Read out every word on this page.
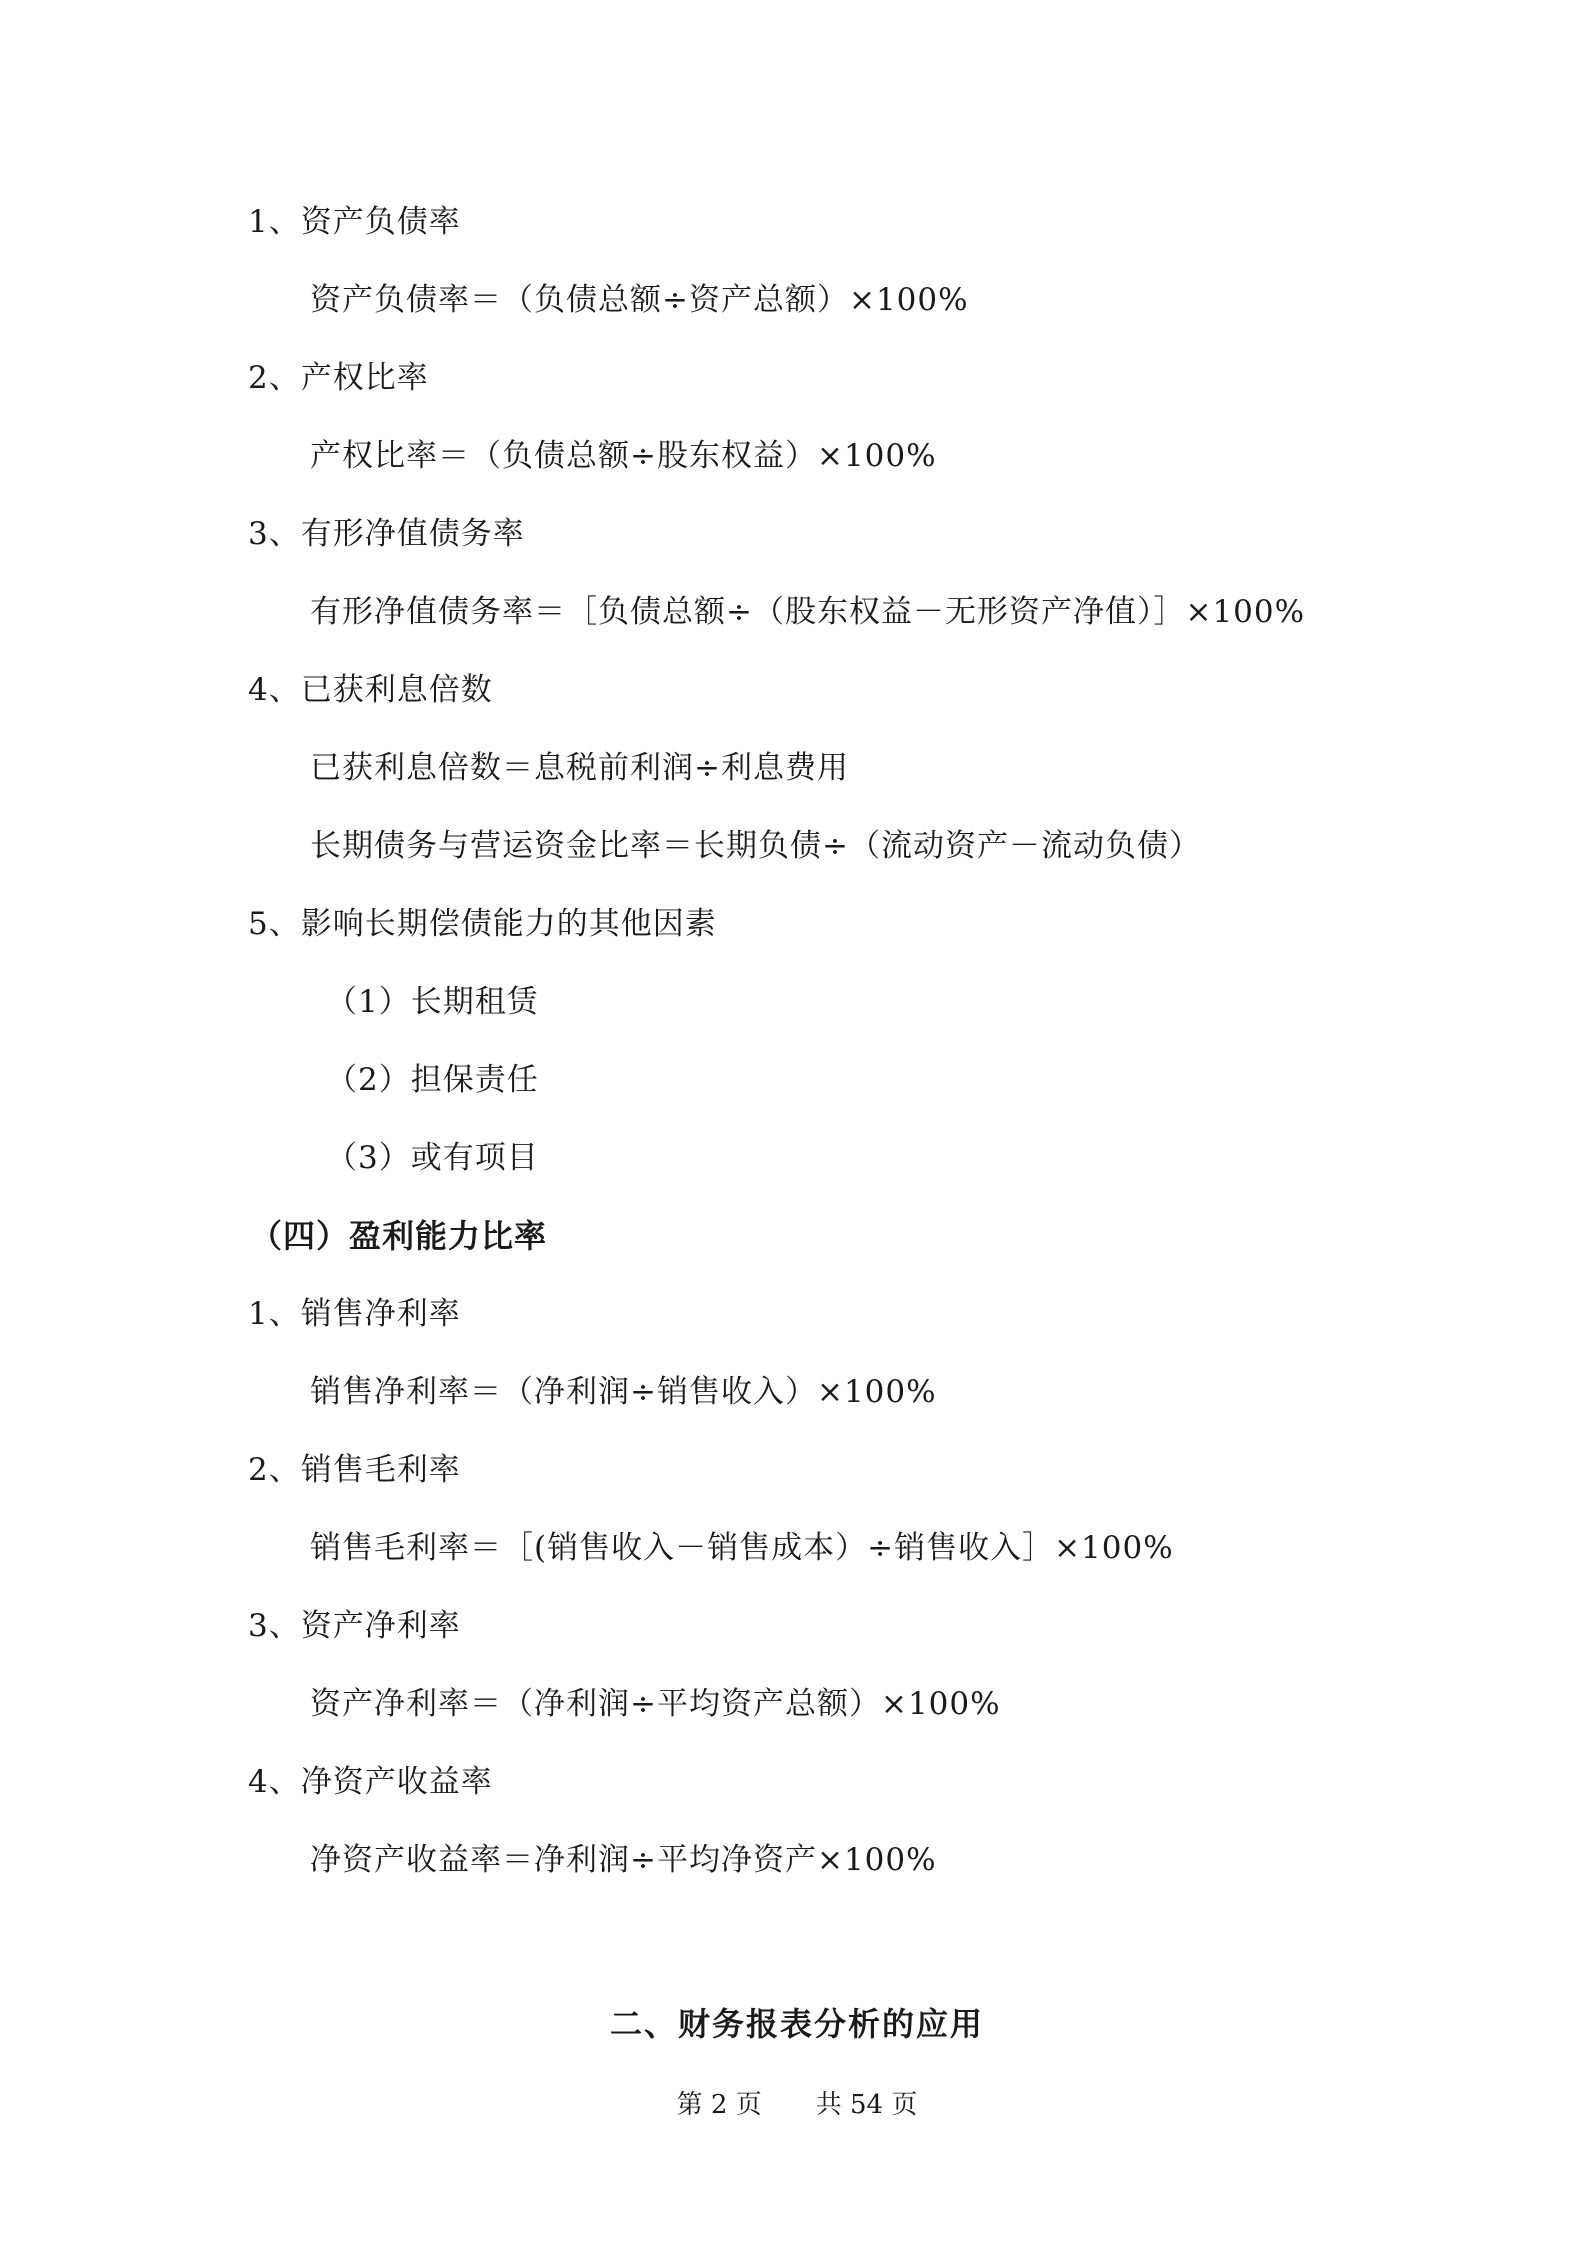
1、资产负债率
资产负债率＝（负债总额÷资产总额）×100%
2、产权比率
产权比率＝（负债总额÷股东权益）×100%
3、有形净值债务率
有形净值债务率＝［负债总额÷（股东权益－无形资产净值）］×100%
4、已获利息倍数
已获利息倍数＝息税前利润÷利息费用
长期债务与营运资金比率＝长期负债÷（流动资产－流动负债）
5、影响长期偿债能力的其他因素
（1）长期租赁
（2）担保责任
（3）或有项目
（四）盈利能力比率
1、销售净利率
销售净利率＝（净利润÷销售收入）×100%
2、销售毛利率
销售毛利率＝［(销售收入－销售成本）÷销售收入］×100%
3、资产净利率
资产净利率＝（净利润÷平均资产总额）×100%
4、净资产收益率
净资产收益率＝净利润÷平均净资产×100%
二、财务报表分析的应用
第 2 页 共 54 页
